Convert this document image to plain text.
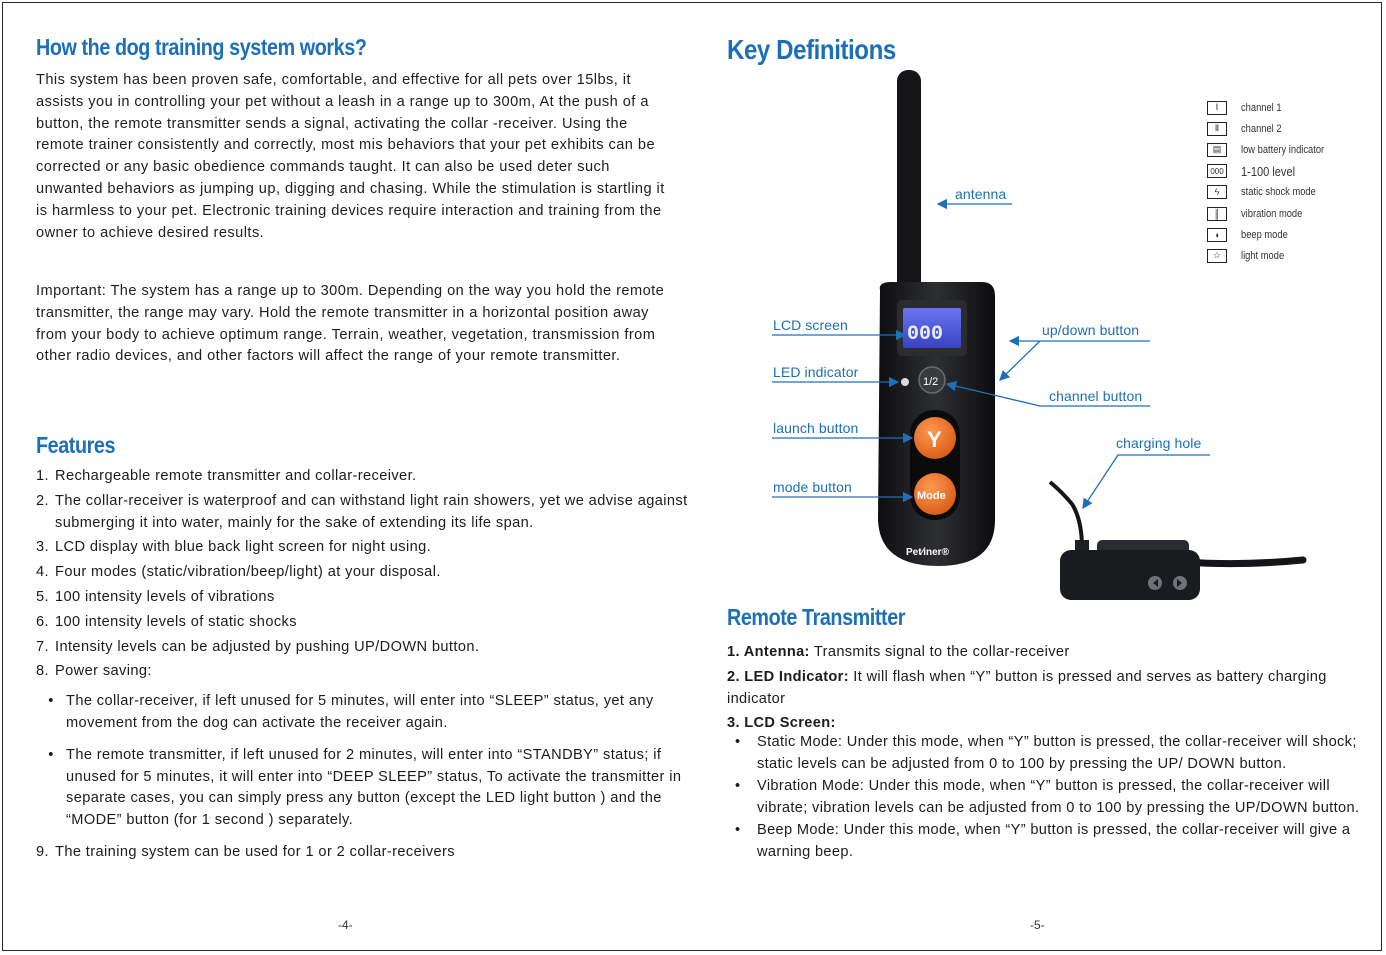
How the dog training system works?

This system has been proven safe, comfortable, and effective for all pets over 15lbs, it assists you in controlling your pet without a leash in a range up to 300m, At the push of a button, the remote transmitter sends a signal, activating the collar -receiver. Using the remote trainer consistently and correctly, most mis behaviors that your pet exhibits can be corrected or any basic obedience commands taught. It can also be used deter such unwanted behaviors as jumping up, digging and chasing. While the stimulation is startling it is harmless to your pet. Electronic training devices require interaction and training from the owner to achieve desired results.

Important: The system has a range up to 300m. Depending on the way you hold the remote transmitter, the range may vary. Hold the remote transmitter in a horizontal position away from your body to achieve optimum range. Terrain, weather, vegetation, transmission from other radio devices, and other factors will affect the range of your remote transmitter.

Features
1. Rechargeable remote transmitter and collar-receiver.
2. The collar-receiver is waterproof and can withstand light rain showers, yet we advise against submerging it into water, mainly for the sake of extending its life span.
3. LCD display with blue back light screen for night using.
4. Four modes (static/vibration/beep/light) at your disposal.
5. 100 intensity levels of vibrations
6. 100 intensity levels of static shocks
7. Intensity levels can be adjusted by pushing UP/DOWN button.
8. Power saving:
• The collar-receiver, if left unused for 5 minutes, will enter into “SLEEP” status, yet any movement from the dog can activate the receiver again.
• The remote transmitter, if left unused for 2 minutes, will enter into “STANDBY” status; if unused for 5 minutes, it will enter into “DEEP SLEEP” status, To activate the transmitter in separate cases, you can simply press any button (except the LED light button ) and the “MODE” button (for 1 second ) separately.
9. The training system can be used for 1 or 2 collar-receivers
-4-
Key Definitions
Remote Transmitter
000
1/2
Y
Mode
Pet∕iner®
antenna
LCD screen
LED indicator
launch button
mode button
up/down button
channel button
charging hole
Ⅰ	channel 1
Ⅱ	channel 2
▤	low battery indicator
000 1-100 level
ϟ	static shock mode
║	vibration mode
◖	beep mode
☆	light mode
1. Antenna: Transmits signal to the collar-receiver
2. LED Indicator: It will flash when “Y” button is pressed and serves as battery charging indicator
3. LCD Screen:
•	Static Mode: Under this mode, when “Y” button is pressed, the collar-receiver will shock; static levels can be adjusted from 0 to 100 by pressing the UP/ DOWN button.
•	Vibration Mode: Under this mode, when “Y” button is pressed, the collar-receiver will vibrate; vibration levels can be adjusted from 0 to 100 by pressing the UP/DOWN button.
•	Beep Mode: Under this mode, when “Y” button is pressed, the collar-receiver will give a warning beep.
-5-
